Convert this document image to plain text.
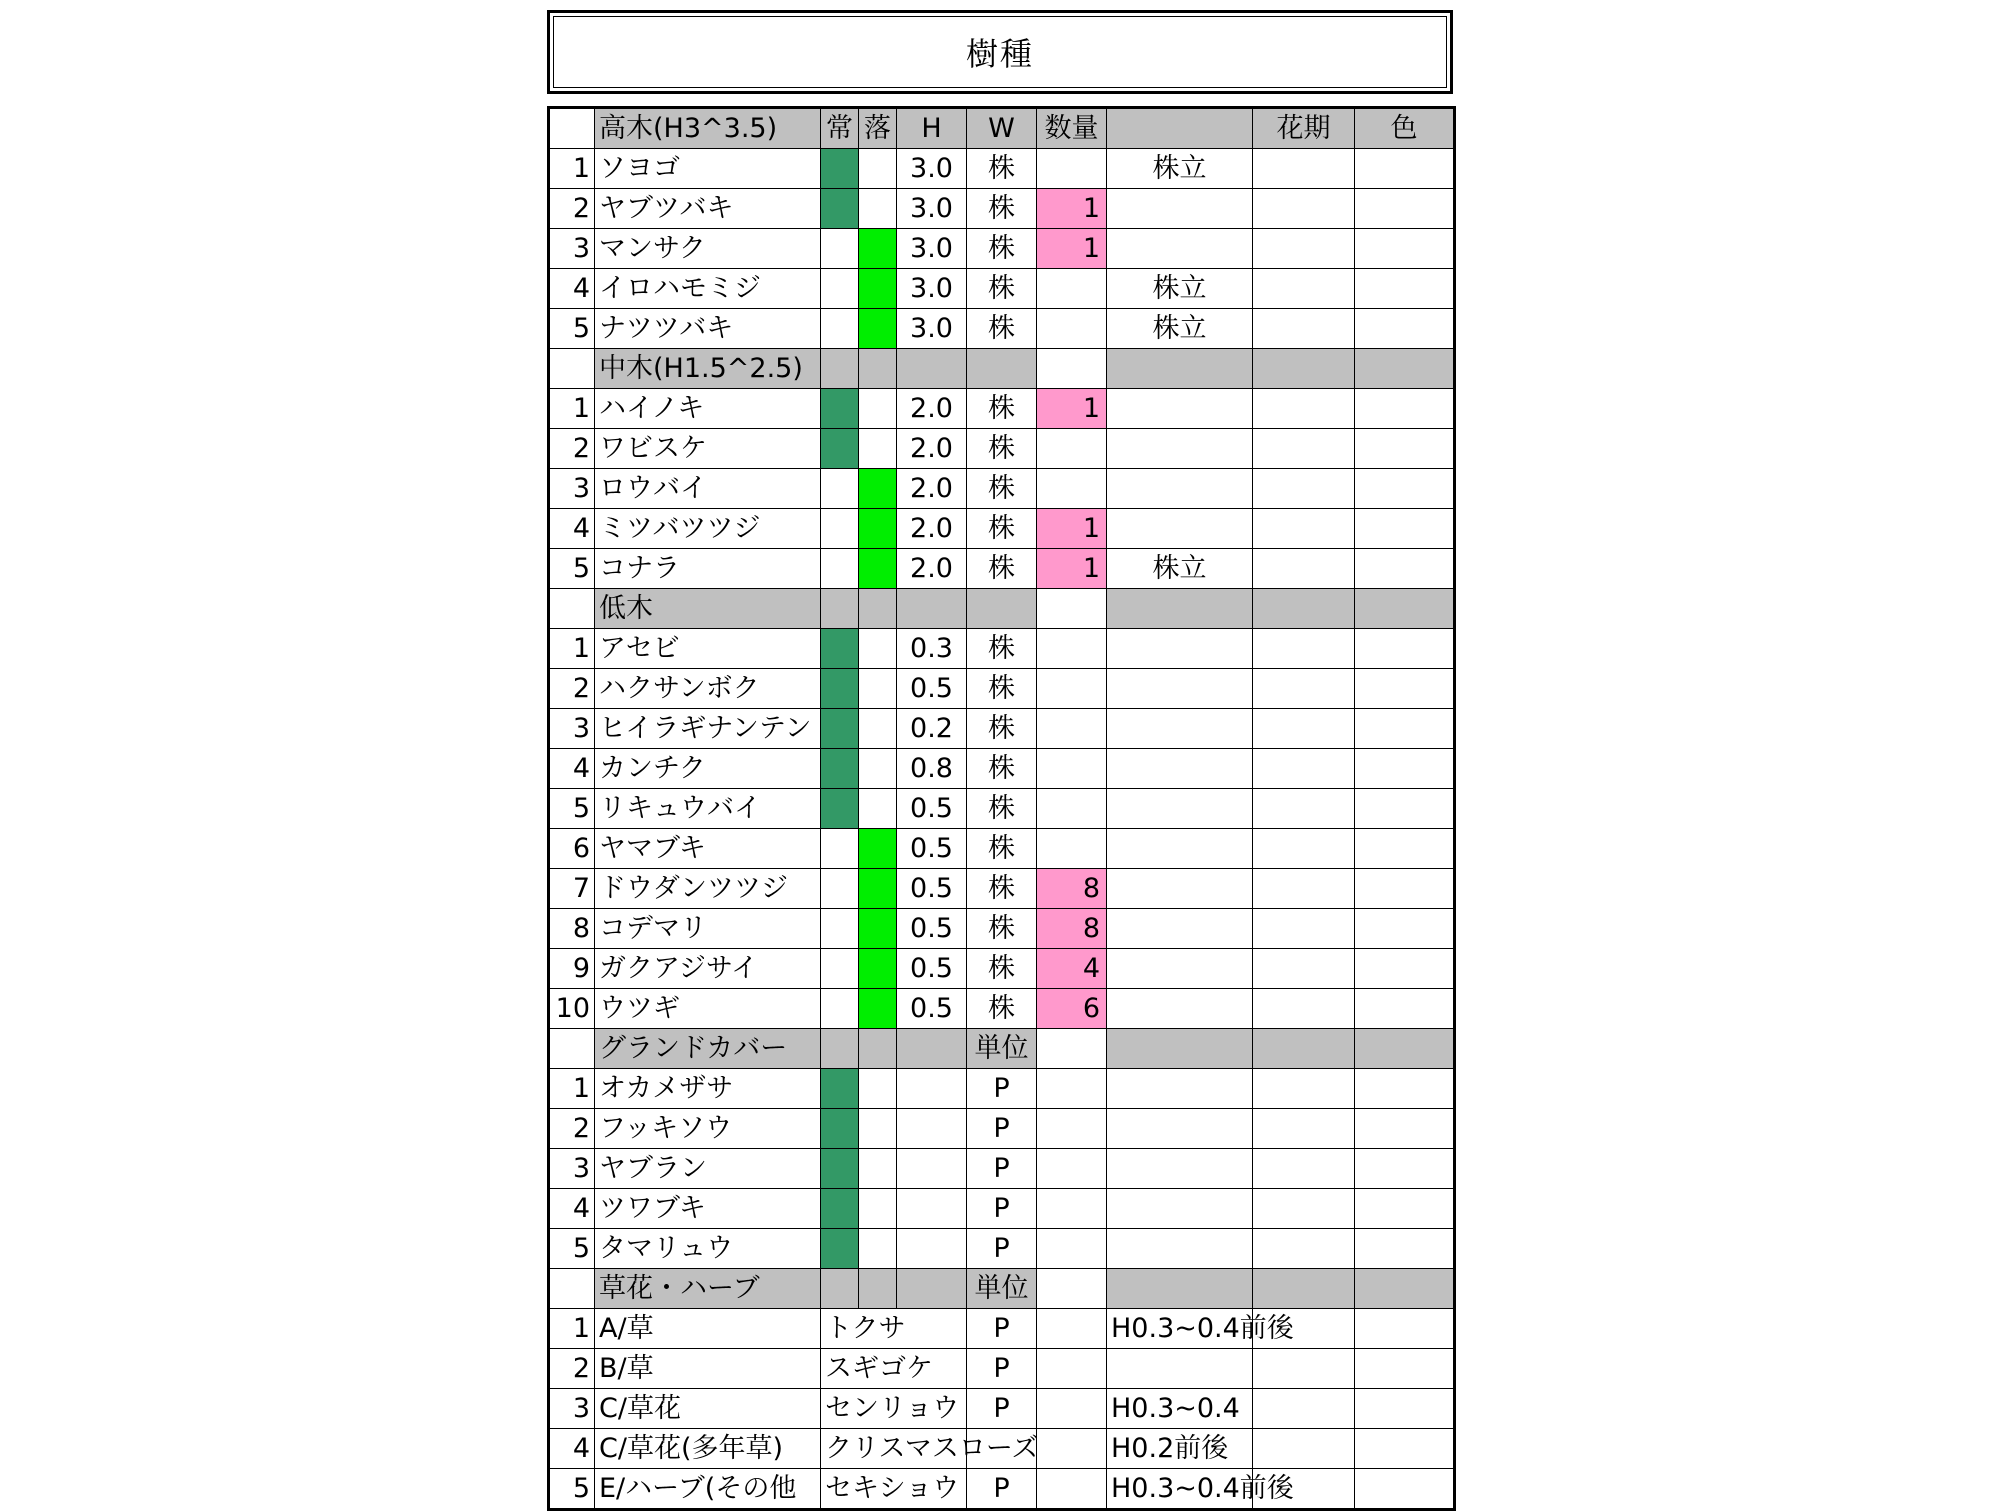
樹種
	高木(H3^3.5)	常	落	H	W	数量		花期	色
1	ソヨゴ			3.0	株		株立		
2	ヤブツバキ			3.0	株	1			
3	マンサク			3.0	株	1			
4	イロハモミジ			3.0	株		株立		
5	ナツツバキ			3.0	株		株立		
	中木(H1.5^2.5)								
1	ハイノキ			2.0	株	1			
2	ワビスケ			2.0	株				
3	ロウバイ			2.0	株				
4	ミツバツツジ			2.0	株	1			
5	コナラ			2.0	株	1	株立		
	低木								
1	アセビ			0.3	株				
2	ハクサンボク			0.5	株				
3	ヒイラギナンテン			0.2	株				
4	カンチク			0.8	株				
5	リキュウバイ			0.5	株				
6	ヤマブキ			0.5	株				
7	ドウダンツツジ			0.5	株	8			
8	コデマリ			0.5	株	8			
9	ガクアジサイ			0.5	株	4			
10	ウツギ			0.5	株	6			
	グランドカバー				単位				
1	オカメザサ				P				
2	フッキソウ				P				
3	ヤブラン				P				
4	ツワブキ				P				
5	タマリュウ				P				
	草花・ハーブ				単位				
1	A/草	トクサ			P		H0.3~0.4前後		
2	B/草	スギゴケ			P				
3	C/草花	センリョウ			P		H0.3~0.4		
4	C/草花(多年草)	クリスマスローズ					H0.2前後		
5	E/ハーブ(その他	セキショウ			P		H0.3~0.4前後		
